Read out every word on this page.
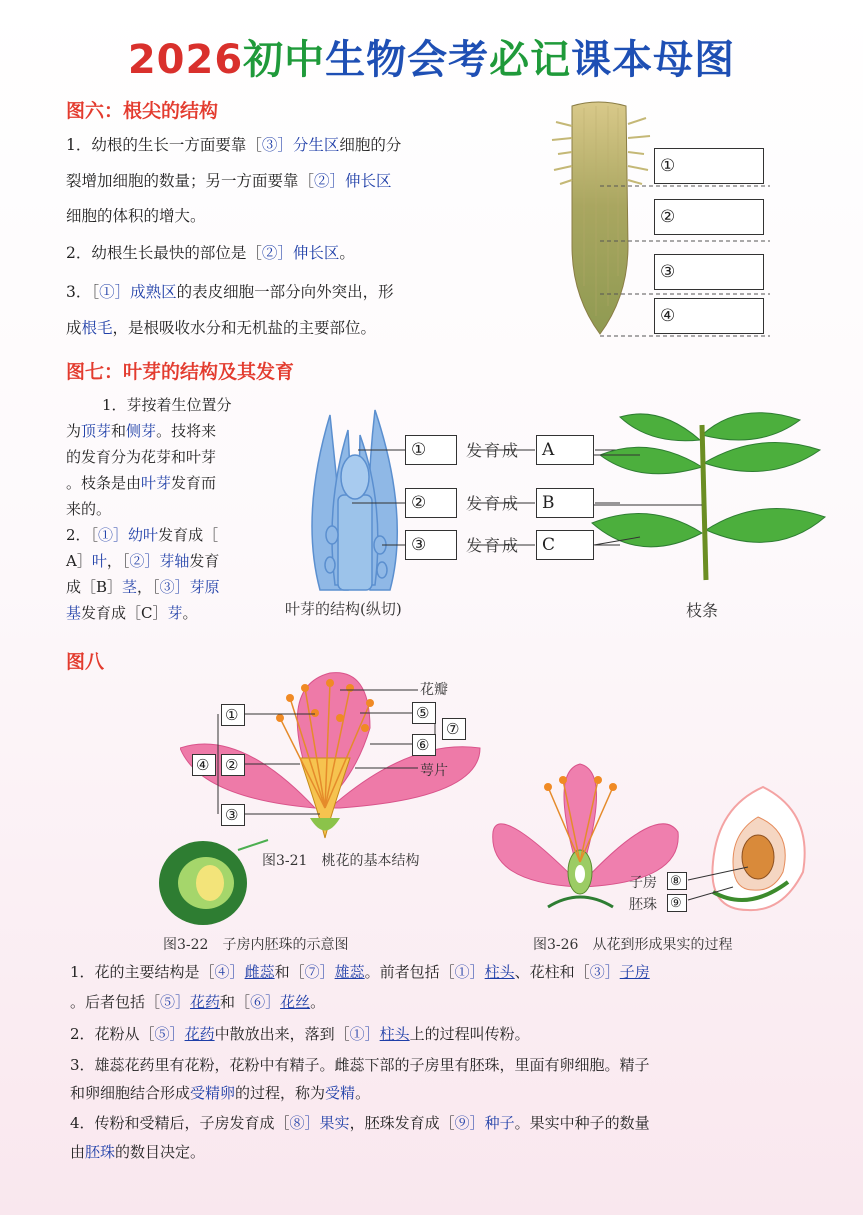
2026初中生物会考必记课本母图
图六：根尖的结构
1．幼根的生长一方面要靠［③］分生区细胞的分
裂增加细胞的数量；另一方面要靠［②］伸长区
细胞的体积的增大。
2．幼根生长最快的部位是［②］伸长区。
3．［①］成熟区的表皮细胞一部分向外突出，形
成根毛，是根吸收水分和无机盐的主要部位。
①
②
③
④
图七：叶芽的结构及其发育
1．芽按着生位置分
为顶芽和侧芽。技将来
的发育分为花芽和叶芽
。枝条是由叶芽发育而
来的。
2．［①］幼叶发育成［
A］叶，［②］芽轴发育
成［B］茎，［③］芽原
基发育成［C］芽。
①
②
③
发育成
发育成
发育成
A
B
C
叶芽的结构(纵切)	枝条
图八
①
②
③
④
⑤
⑥
⑦
花瓣
萼片
图3-21　桃花的基本结构
图3-22　子房内胚珠的示意图
子房 ⑧
胚珠 ⑨
图3-26　从花到形成果实的过程
1．花的主要结构是［④］雌蕊和［⑦］雄蕊。前者包括［①］柱头、花柱和［③］子房
。后者包括［⑤］花药和［⑥］花丝。
2．花粉从［⑤］花药中散放出来，落到［①］柱头上的过程叫传粉。
3．雄蕊花药里有花粉，花粉中有精子。雌蕊下部的子房里有胚珠，里面有卵细胞。精子
和卵细胞结合形成受精卵的过程，称为受精。
4．传粉和受精后，子房发育成［⑧］果实，胚珠发育成［⑨］种子。果实中种子的数量
由胚珠的数目决定。
